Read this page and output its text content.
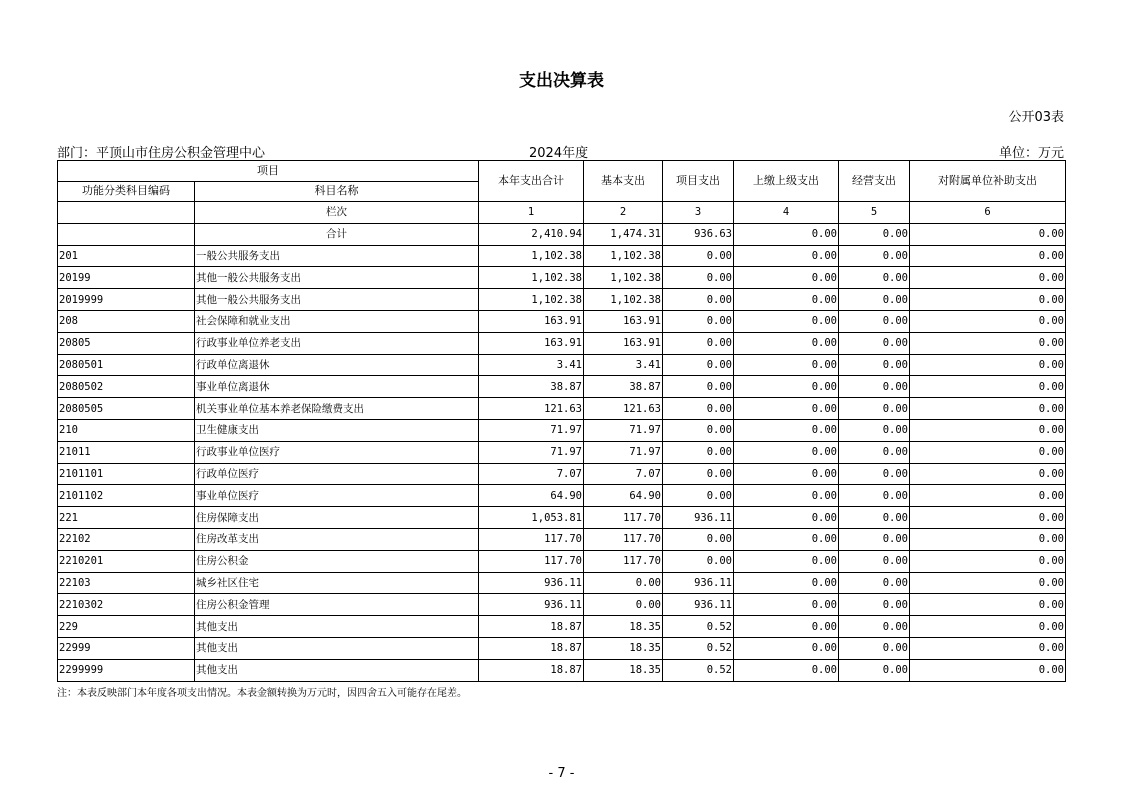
支出决算表
公开03表
部门：平顶山市住房公积金管理中心	2024年度	单位：万元
项目		本年支出合计	基本支出	项目支出	上缴上级支出	经营支出	对附属单位补助支出
功能分类科目编码	科目名称						
	栏次	1	2	3	4	5	6
	合计	2,410.94	1,474.31	936.63	0.00	0.00	0.00
201	一般公共服务支出	1,102.38	1,102.38	0.00	0.00	0.00	0.00
20199	其他一般公共服务支出	1,102.38	1,102.38	0.00	0.00	0.00	0.00
2019999	其他一般公共服务支出	1,102.38	1,102.38	0.00	0.00	0.00	0.00
208	社会保障和就业支出	163.91	163.91	0.00	0.00	0.00	0.00
20805	行政事业单位养老支出	163.91	163.91	0.00	0.00	0.00	0.00
2080501	行政单位离退休	3.41	3.41	0.00	0.00	0.00	0.00
2080502	事业单位离退休	38.87	38.87	0.00	0.00	0.00	0.00
2080505	机关事业单位基本养老保险缴费支出	121.63	121.63	0.00	0.00	0.00	0.00
210	卫生健康支出	71.97	71.97	0.00	0.00	0.00	0.00
21011	行政事业单位医疗	71.97	71.97	0.00	0.00	0.00	0.00
2101101	行政单位医疗	7.07	7.07	0.00	0.00	0.00	0.00
2101102	事业单位医疗	64.90	64.90	0.00	0.00	0.00	0.00
221	住房保障支出	1,053.81	117.70	936.11	0.00	0.00	0.00
22102	住房改革支出	117.70	117.70	0.00	0.00	0.00	0.00
2210201	住房公积金	117.70	117.70	0.00	0.00	0.00	0.00
22103	城乡社区住宅	936.11	0.00	936.11	0.00	0.00	0.00
2210302	住房公积金管理	936.11	0.00	936.11	0.00	0.00	0.00
229	其他支出	18.87	18.35	0.52	0.00	0.00	0.00
22999	其他支出	18.87	18.35	0.52	0.00	0.00	0.00
2299999	其他支出	18.87	18.35	0.52	0.00	0.00	0.00
注：本表反映部门本年度各项支出情况。本表金额转换为万元时，因四舍五入可能存在尾差。
- 7 -
